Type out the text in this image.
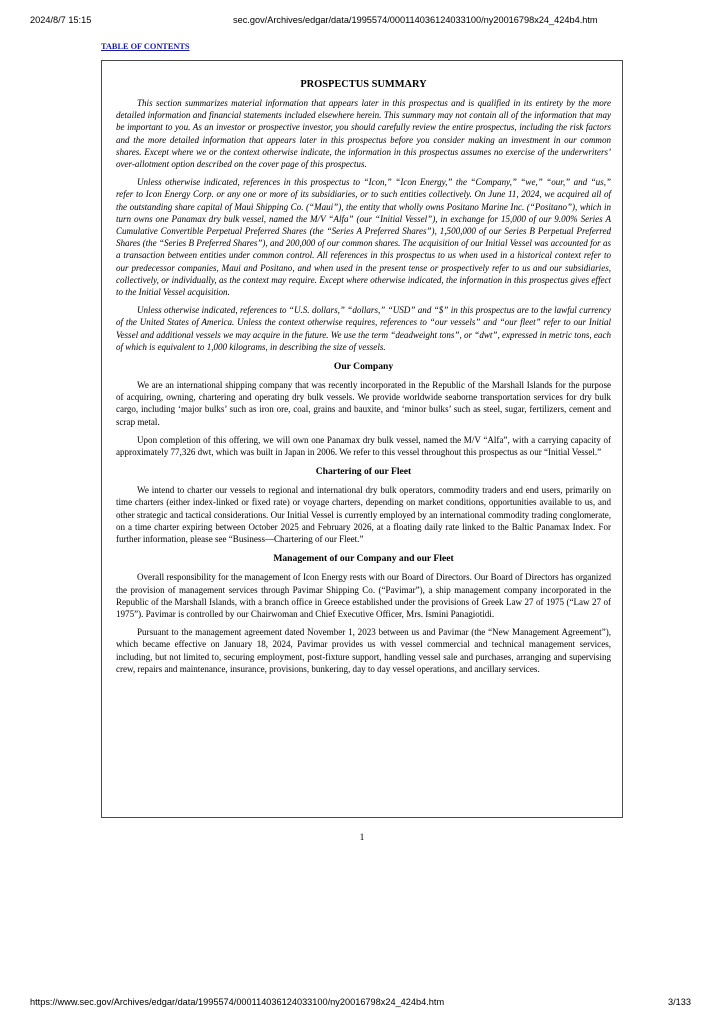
2024/8/7 15:15	sec.gov/Archives/edgar/data/1995574/000114036124033100/ny20016798x24_424b4.htm
TABLE OF CONTENTS
PROSPECTUS SUMMARY

This section summarizes material information that appears later in this prospectus and is qualified in its entirety by the more detailed information and financial statements included elsewhere herein. This summary may not contain all of the information that may be important to you. As an investor or prospective investor, you should carefully review the entire prospectus, including the risk factors and the more detailed information that appears later in this prospectus before you consider making an investment in our common shares. Except where we or the context otherwise indicate, the information in this prospectus assumes no exercise of the underwriters’ over-allotment option described on the cover page of this prospectus.

Unless otherwise indicated, references in this prospectus to “Icon,” “Icon Energy,” the “Company,” “we,” “our,” and “us,” refer to Icon Energy Corp. or any one or more of its subsidiaries, or to such entities collectively. On June 11, 2024, we acquired all of the outstanding share capital of Maui Shipping Co. (“Maui”), the entity that wholly owns Positano Marine Inc. (“Positano”), which in turn owns one Panamax dry bulk vessel, named the M/V “Alfa” (our “Initial Vessel”), in exchange for 15,000 of our 9.00% Series A Cumulative Convertible Perpetual Preferred Shares (the “Series A Preferred Shares”), 1,500,000 of our Series B Perpetual Preferred Shares (the “Series B Preferred Shares”), and 200,000 of our common shares. The acquisition of our Initial Vessel was accounted for as a transaction between entities under common control. All references in this prospectus to us when used in a historical context refer to our predecessor companies, Maui and Positano, and when used in the present tense or prospectively refer to us and our subsidiaries, collectively, or individually, as the context may require. Except where otherwise indicated, the information in this prospectus gives effect to the Initial Vessel acquisition.

Unless otherwise indicated, references to “U.S. dollars,” “dollars,” “USD” and “$” in this prospectus are to the lawful currency of the United States of America. Unless the context otherwise requires, references to “our vessels” and “our fleet” refer to our Initial Vessel and additional vessels we may acquire in the future. We use the term “deadweight tons”, or “dwt”, expressed in metric tons, each of which is equivalent to 1,000 kilograms, in describing the size of vessels.

Our Company

We are an international shipping company that was recently incorporated in the Republic of the Marshall Islands for the purpose of acquiring, owning, chartering and operating dry bulk vessels. We provide worldwide seaborne transportation services for dry bulk cargo, including ‘major bulks’ such as iron ore, coal, grains and bauxite, and ‘minor bulks’ such as steel, sugar, fertilizers, cement and scrap metal.

Upon completion of this offering, we will own one Panamax dry bulk vessel, named the M/V “Alfa”, with a carrying capacity of approximately 77,326 dwt, which was built in Japan in 2006. We refer to this vessel throughout this prospectus as our “Initial Vessel.”

Chartering of our Fleet

We intend to charter our vessels to regional and international dry bulk operators, commodity traders and end users, primarily on time charters (either index-linked or fixed rate) or voyage charters, depending on market conditions, opportunities available to us, and other strategic and tactical considerations. Our Initial Vessel is currently employed by an international commodity trading conglomerate, on a time charter expiring between October 2025 and February 2026, at a floating daily rate linked to the Baltic Panamax Index. For further information, please see “Business—Chartering of our Fleet.”

Management of our Company and our Fleet

Overall responsibility for the management of Icon Energy rests with our Board of Directors. Our Board of Directors has organized the provision of management services through Pavimar Shipping Co. (“Pavimar”), a ship management company incorporated in the Republic of the Marshall Islands, with a branch office in Greece established under the provisions of Greek Law 27 of 1975 (“Law 27 of 1975”). Pavimar is controlled by our Chairwoman and Chief Executive Officer, Mrs. Ismini Panagiotidi.

Pursuant to the management agreement dated November 1, 2023 between us and Pavimar (the “New Management Agreement”), which became effective on January 18, 2024, Pavimar provides us with vessel commercial and technical management services, including, but not limited to, securing employment, post-fixture support, handling vessel sale and purchases, arranging and supervising crew, repairs and maintenance, insurance, provisions, bunkering, day to day vessel operations, and ancillary services.

1
https://www.sec.gov/Archives/edgar/data/1995574/000114036124033100/ny20016798x24_424b4.htm	3/133
